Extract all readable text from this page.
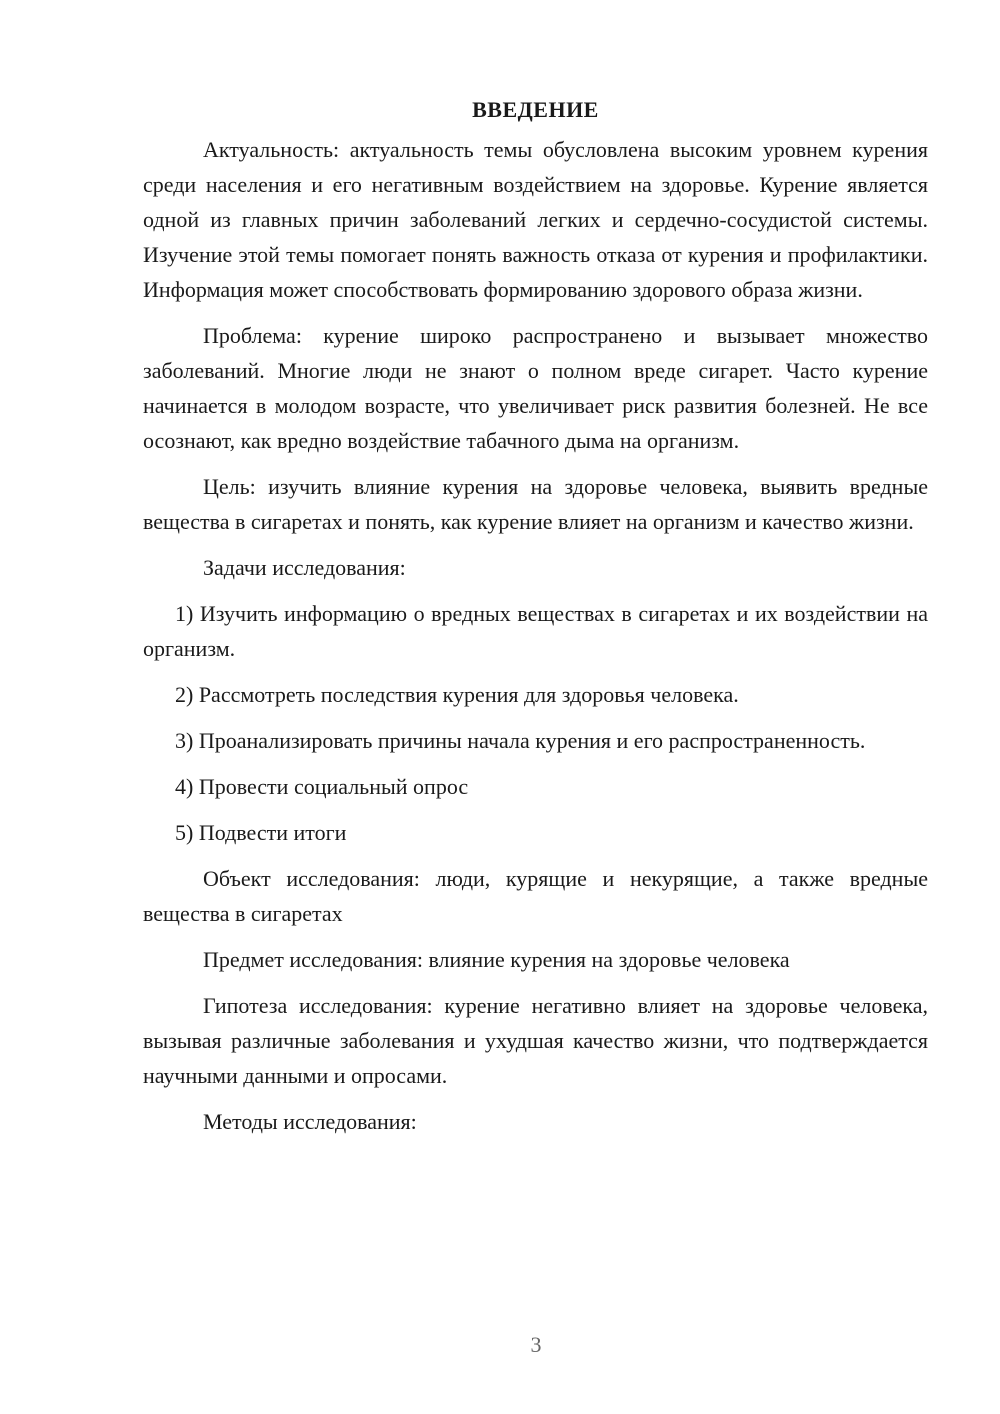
ВВЕДЕНИЕ

Актуальность: актуальность темы обусловлена высоким уровнем курения среди населения и его негативным воздействием на здоровье. Курение является одной из главных причин заболеваний легких и сердечно-сосудистой системы. Изучение этой темы помогает понять важность отказа от курения и профилактики. Информация может способствовать формированию здорового образа жизни.

Проблема: курение широко распространено и вызывает множество заболеваний. Многие люди не знают о полном вреде сигарет. Часто курение начинается в молодом возрасте, что увеличивает риск развития болезней. Не все осознают, как вредно воздействие табачного дыма на организм.

Цель: изучить влияние курения на здоровье человека, выявить вредные вещества в сигаретах и понять, как курение влияет на организм и качество жизни.

Задачи исследования:

1) Изучить информацию о вредных веществах в сигаретах и их воздействии на организм.

2) Рассмотреть последствия курения для здоровья человека.

3) Проанализировать причины начала курения и его распространенность.

4) Провести социальный опрос

5) Подвести итоги

Объект исследования: люди, курящие и некурящие, а также вредные вещества в сигаретах

Предмет исследования: влияние курения на здоровье человека

Гипотеза исследования: курение негативно влияет на здоровье человека, вызывая различные заболевания и ухудшая качество жизни, что подтверждается научными данными и опросами.

Методы исследования:

3
